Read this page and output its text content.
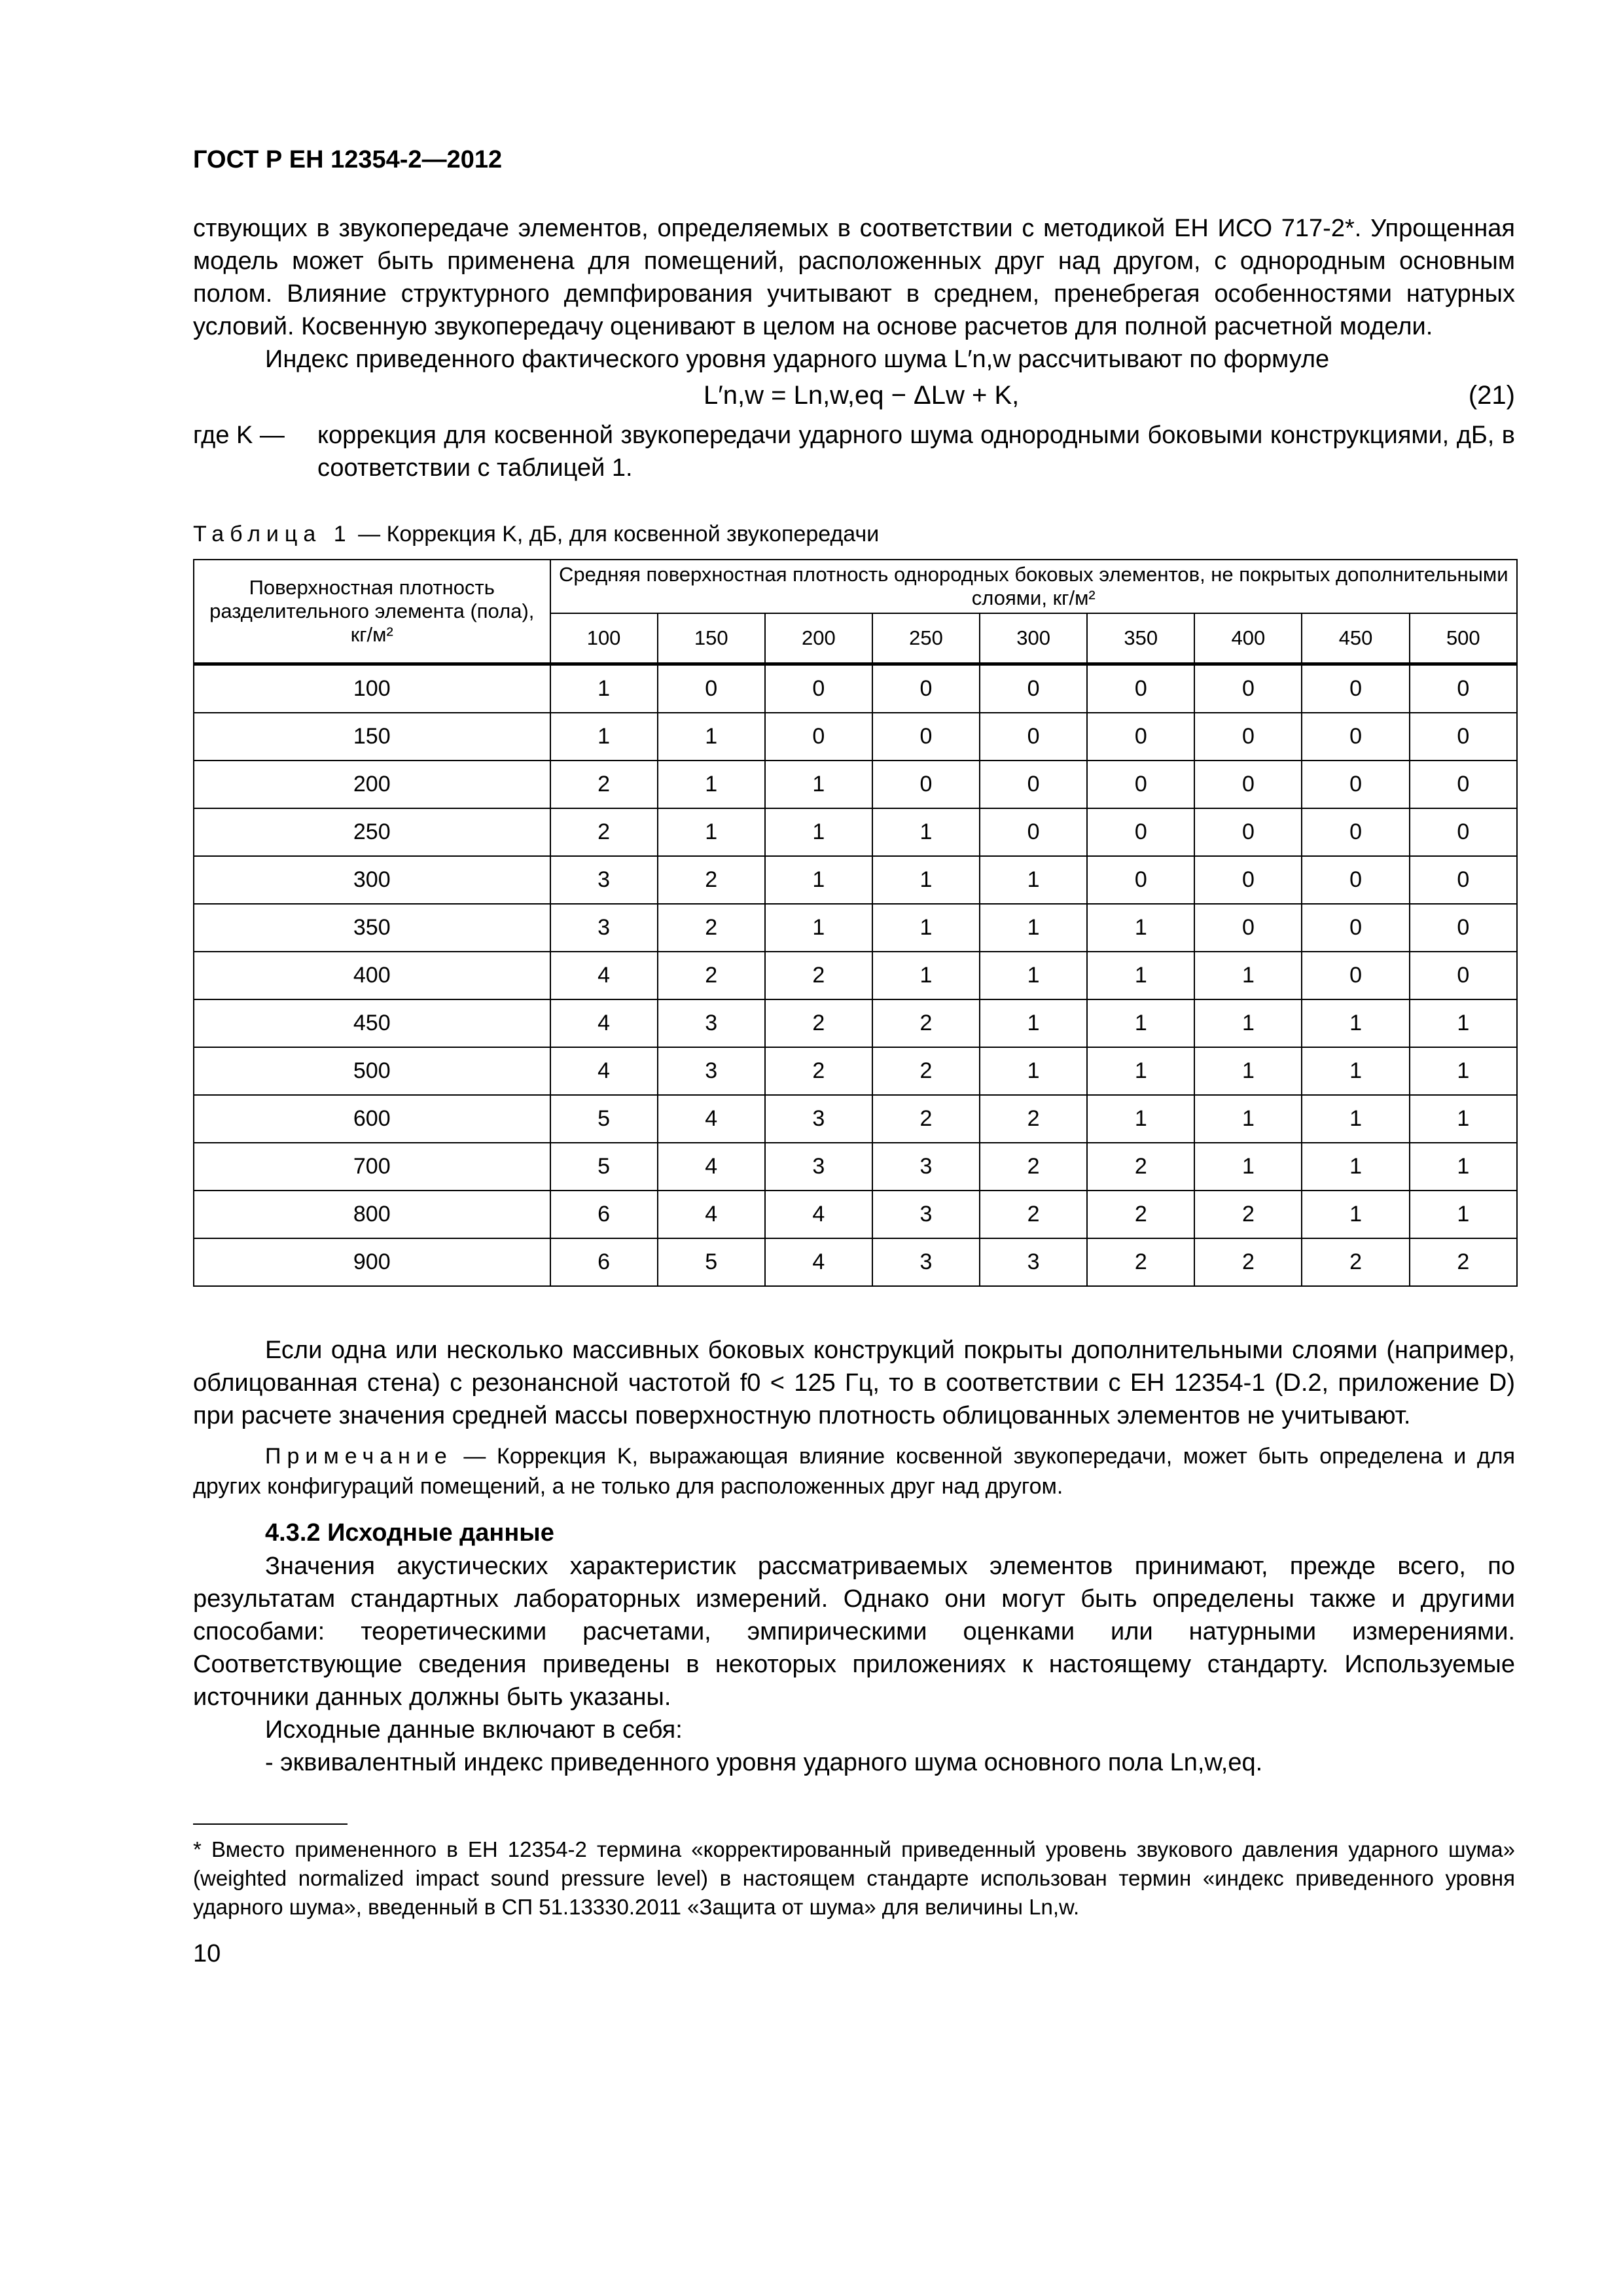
ГОСТ Р ЕН 12354-2—2012

ствующих в звукопередаче элементов, определяемых в соответствии с методикой ЕН ИСО 717-2*. Упрощенная модель может быть применена для помещений, расположенных друг над другом, с однородным основным полом. Влияние структурного демпфирования учитывают в среднем, пренебрегая особенностями натурных условий. Косвенную звукопередачу оценивают в целом на основе расчетов для полной расчетной модели.

Индекс приведенного фактического уровня ударного шума L′n,w рассчитывают по формуле

L′n,w = Ln,w,eq − ΔLw + K,	(21)
где K —	коррекция для косвенной звукопередачи ударного шума однородными боковыми конструкциями, дБ, в соответствии с таблицей 1.
Таблица 1 — Коррекция K, дБ, для косвенной звукопередачи
Поверхностная плотность разделительного элемента (пола), кг/м²	Средняя поверхностная плотность однородных боковых элементов, не покрытых дополнительными слоями, кг/м²								
	100	150	200	250	300	350	400	450	500
100	1	0	0	0	0	0	0	0	0
150	1	1	0	0	0	0	0	0	0
200	2	1	1	0	0	0	0	0	0
250	2	1	1	1	0	0	0	0	0
300	3	2	1	1	1	0	0	0	0
350	3	2	1	1	1	1	0	0	0
400	4	2	2	1	1	1	1	0	0
450	4	3	2	2	1	1	1	1	1
500	4	3	2	2	1	1	1	1	1
600	5	4	3	2	2	1	1	1	1
700	5	4	3	3	2	2	1	1	1
800	6	4	4	3	2	2	2	1	1
900	6	5	4	3	3	2	2	2	2

Если одна или несколько массивных боковых конструкций покрыты дополнительными слоями (например, облицованная стена) с резонансной частотой f0 < 125 Гц, то в соответствии с ЕН 12354-1 (D.2, приложение D) при расчете значения средней массы поверхностную плотность облицованных элементов не учитывают.

Примечание — Коррекция K, выражающая влияние косвенной звукопередачи, может быть определена и для других конфигураций помещений, а не только для расположенных друг над другом.
4.3.2 Исходные данные

Значения акустических характеристик рассматриваемых элементов принимают, прежде всего, по результатам стандартных лабораторных измерений. Однако они могут быть определены также и другими способами: теоретическими расчетами, эмпирическими оценками или натурными измерениями. Соответствующие сведения приведены в некоторых приложениях к настоящему стандарту. Используемые источники данных должны быть указаны.

Исходные данные включают в себя:

- эквивалентный индекс приведенного уровня ударного шума основного пола Ln,w,eq.

* Вместо примененного в ЕН 12354-2 термина «корректированный приведенный уровень звукового давления ударного шума» (weighted normalized impact sound pressure level) в настоящем стандарте использован термин «индекс приведенного уровня ударного шума», введенный в СП 51.13330.2011 «Защита от шума» для величины Ln,w.
10
